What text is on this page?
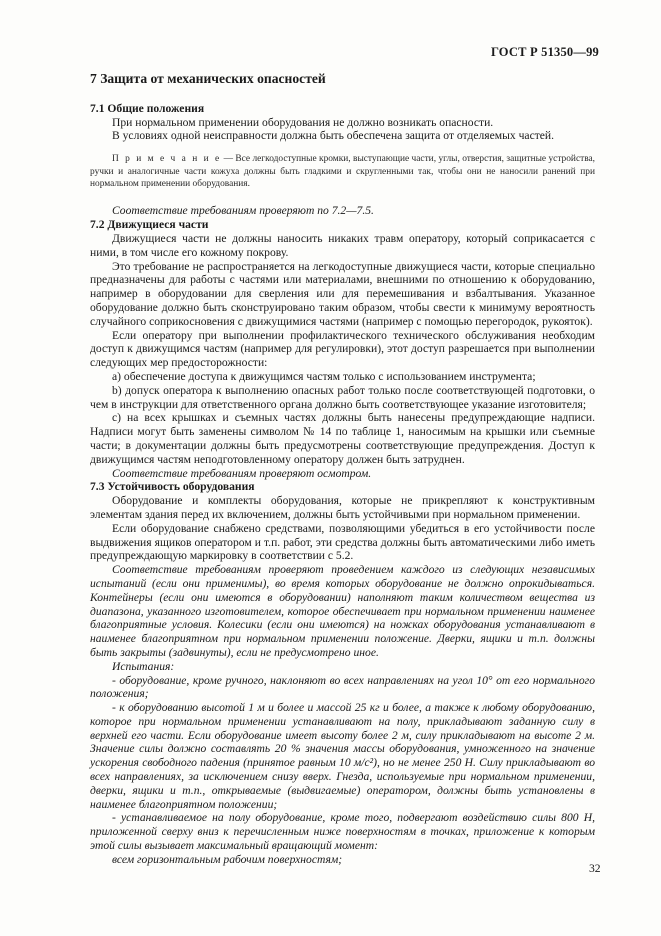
ГОСТ Р 51350—99
7 Защита от механических опасностей
7.1 Общие положения

При нормальном применении оборудования не должно возникать опасности.

В условиях одной неисправности должна быть обеспечена защита от отделяемых частей.

П р и м е ч а н и е — Все легкодоступные кромки, выступающие части, углы, отверстия, защитные устройства, ручки и аналогичные части кожуха должны быть гладкими и скругленными так, чтобы они не наносили ранений при нормальном применении оборудования.

Соответствие требованиям проверяют по 7.2—7.5.

7.2 Движущиеся части

Движущиеся части не должны наносить никаких травм оператору, который соприкасается с ними, в том числе его кожному покрову.

Это требование не распространяется на легкодоступные движущиеся части, которые специально предназначены для работы с частями или материалами, внешними по отношению к оборудованию, например в оборудовании для сверления или для перемешивания и взбалтывания. Указанное оборудование должно быть сконструировано таким образом, чтобы свести к минимуму вероятность случайного соприкосновения с движущимися частями (например с помощью перегородок, рукояток).

Если оператору при выполнении профилактического технического обслуживания необходим доступ к движущимся частям (например для регулировки), этот доступ разрешается при выполнении следующих мер предосторожности:

a) обеспечение доступа к движущимся частям только с использованием инструмента;

b) допуск оператора к выполнению опасных работ только после соответствующей подготовки, о чем в инструкции для ответственного органа должно быть соответствующее указание изготовителя;

c) на всех крышках и съемных частях должны быть нанесены предупреждающие надписи. Надписи могут быть заменены символом № 14 по таблице 1, наносимым на крышки или съемные части; в документации должны быть предусмотрены соответствующие предупреждения. Доступ к движущимся частям неподготовленному оператору должен быть затруднен.

Соответствие требованиям проверяют осмотром.

7.3 Устойчивость оборудования

Оборудование и комплекты оборудования, которые не прикрепляют к конструктивным элементам здания перед их включением, должны быть устойчивыми при нормальном применении.

Если оборудование снабжено средствами, позволяющими убедиться в его устойчивости после выдвижения ящиков оператором и т.п. работ, эти средства должны быть автоматическими либо иметь предупреждающую маркировку в соответствии с 5.2.

Соответствие требованиям проверяют проведением каждого из следующих независимых испытаний (если они применимы), во время которых оборудование не должно опрокидываться. Контейнеры (если они имеются в оборудовании) наполняют таким количеством вещества из диапазона, указанного изготовителем, которое обеспечивает при нормальном применении наименее благоприятные условия. Колесики (если они имеются) на ножках оборудования устанавливают в наименее благоприятном при нормальном применении положение. Дверки, ящики и т.п. должны быть закрыты (задвинуты), если не предусмотрено иное.

Испытания:

- оборудование, кроме ручного, наклоняют во всех направлениях на угол 10° от его нормального положения;

- к оборудованию высотой 1 м и более и массой 25 кг и более, а также к любому оборудованию, которое при нормальном применении устанавливают на полу, прикладывают заданную силу в верхней его части. Если оборудование имеет высоту более 2 м, силу прикладывают на высоте 2 м. Значение силы должно составлять 20 % значения массы оборудования, умноженного на значение ускорения свободного падения (принятое равным 10 м/с²), но не менее 250 Н. Силу прикладывают во всех направлениях, за исключением снизу вверх. Гнезда, используемые при нормальном применении, дверки, ящики и т.п., открываемые (выдвигаемые) оператором, должны быть установлены в наименее благоприятном положении;

- устанавливаемое на полу оборудование, кроме того, подвергают воздействию силы 800 Н, приложенной сверху вниз к перечисленным ниже поверхностям в точках, приложение к которым этой силы вызывает максимальный вращающий момент:

всем горизонтальным рабочим поверхностям;

32
